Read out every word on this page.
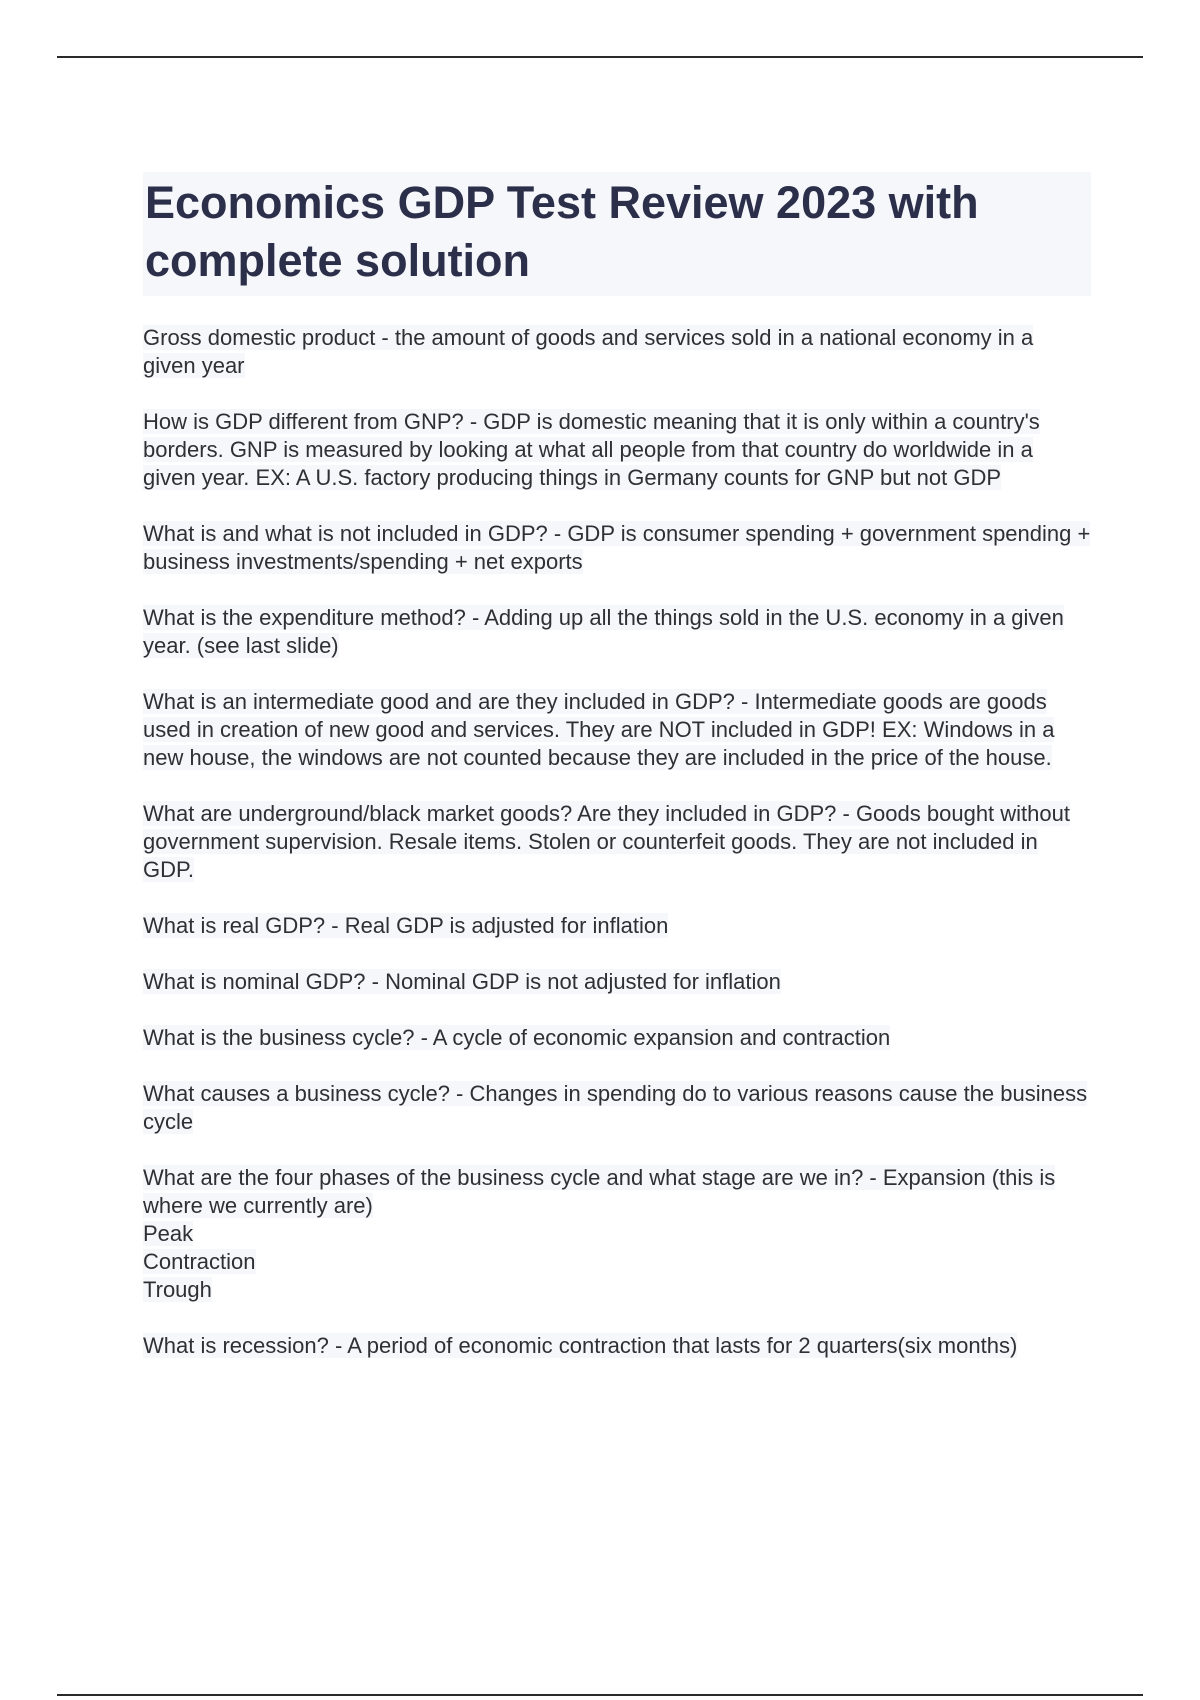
Economics GDP Test Review 2023 with complete solution
Gross domestic product - the amount of goods and services sold in a national economy in a given year
How is GDP different from GNP? - GDP is domestic meaning that it is only within a country's borders. GNP is measured by looking at what all people from that country do worldwide in a given year. EX: A U.S. factory producing things in Germany counts for GNP but not GDP
What is and what is not included in GDP? - GDP is consumer spending + government spending + business investments/spending + net exports
What is the expenditure method? - Adding up all the things sold in the U.S. economy in a given year. (see last slide)
What is an intermediate good and are they included in GDP? - Intermediate goods are goods used in creation of new good and services. They are NOT included in GDP! EX: Windows in a new house, the windows are not counted because they are included in the price of the house.
What are underground/black market goods? Are they included in GDP? - Goods bought without government supervision. Resale items. Stolen or counterfeit goods. They are not included in GDP.
What is real GDP? - Real GDP is adjusted for inflation
What is nominal GDP? - Nominal GDP is not adjusted for inflation
What is the business cycle? - A cycle of economic expansion and contraction
What causes a business cycle? - Changes in spending do to various reasons cause the business cycle
What are the four phases of the business cycle and what stage are we in? - Expansion (this is where we currently are)
Peak
Contraction
Trough
What is recession? - A period of economic contraction that lasts for 2 quarters(six months)
